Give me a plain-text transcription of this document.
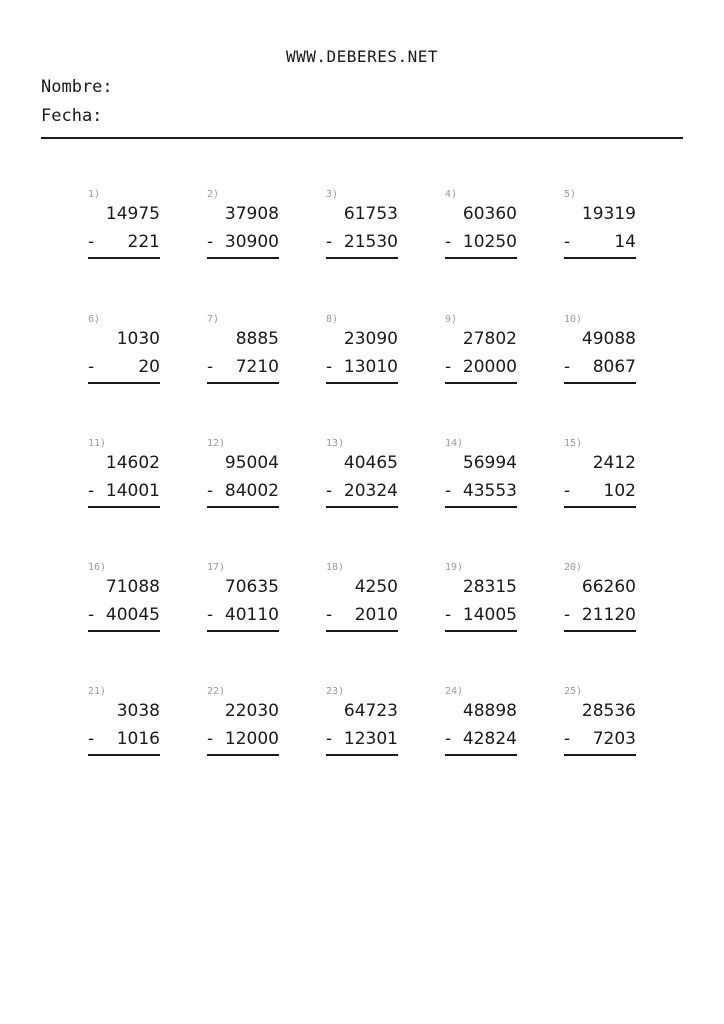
WWW.DEBERES.NET
Nombre:
Fecha:
1)
14975
- 221
2)
37908
- 30900
3)
61753
- 21530
4)
60360
- 10250
5)
19319
-	14
6)
1030
-	20
7)
8885
- 7210
8)
23090
- 13010
9)
27802
- 20000
10)
49088
- 8067
11)
14602
- 14001
12)
95004
- 84002
13)
40465
- 20324
14)
56994
- 43553
15)
2412
- 102
16)
71088
- 40045
17)
70635
- 40110
18)
4250
- 2010
19)
28315
- 14005
20)
66260
- 21120
21)
3038
- 1016
22)
22030
- 12000
23)
64723
- 12301
24)
48898
- 42824
25)
28536
- 7203
